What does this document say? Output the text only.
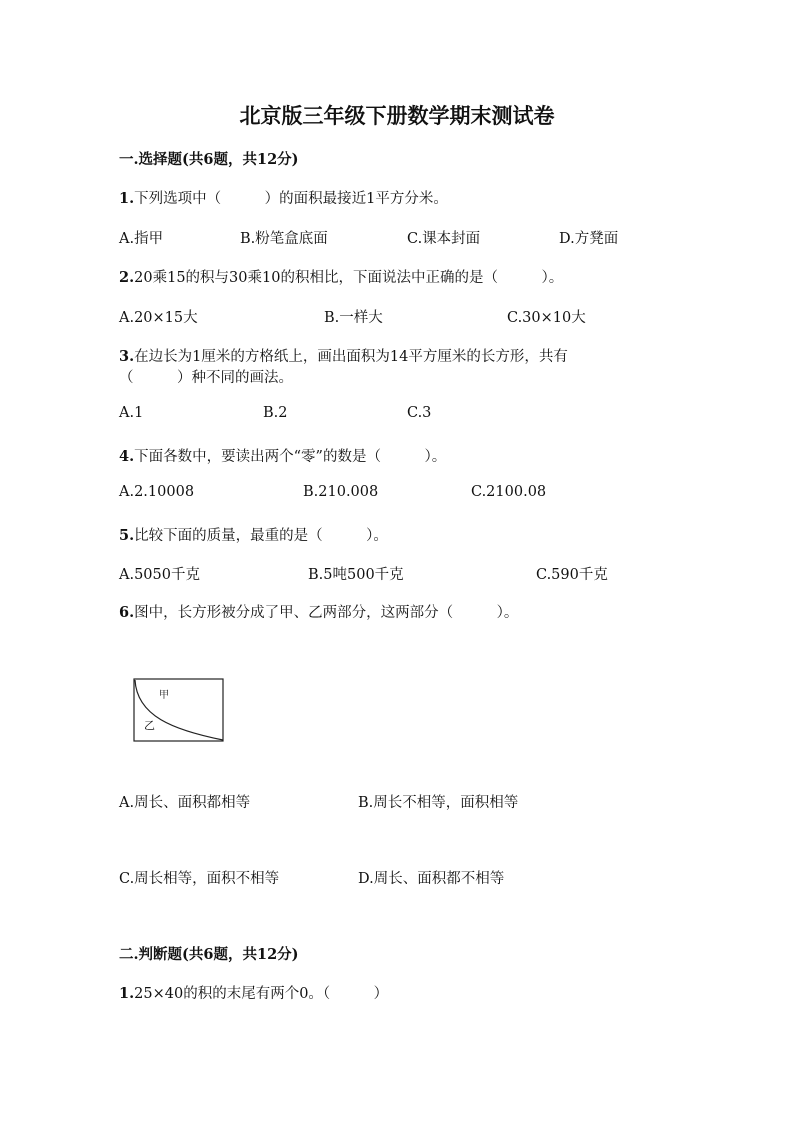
北京版三年级下册数学期末测试卷
一.选择题(共6题，共12分)
1.下列选项中（　　　）的面积最接近1平方分米。
A.指甲	B.粉笔盒底面	C.课本封面	D.方凳面
2.20乘15的积与30乘10的积相比，下面说法中正确的是（　　　）。
A.20×15大	B.一样大	C.30×10大
3.在边长为1厘米的方格纸上，画出面积为14平方厘米的长方形，共有
（　　　）种不同的画法。
A.1	B.2	C.3
4.下面各数中，要读出两个“零”的数是（　　　）。
A.2.10008	B.210.008	C.2100.08
5.比较下面的质量，最重的是（　　　）。
A.5050千克	B.5吨500千克	C.590千克
6.图中，长方形被分成了甲、乙两部分，这两部分（　　　）。
甲
乙
A.周长、面积都相等	B.周长不相等，面积相等
C.周长相等，面积不相等	D.周长、面积都不相等
二.判断题(共6题，共12分)
1.25×40的积的末尾有两个0。（　　　）
